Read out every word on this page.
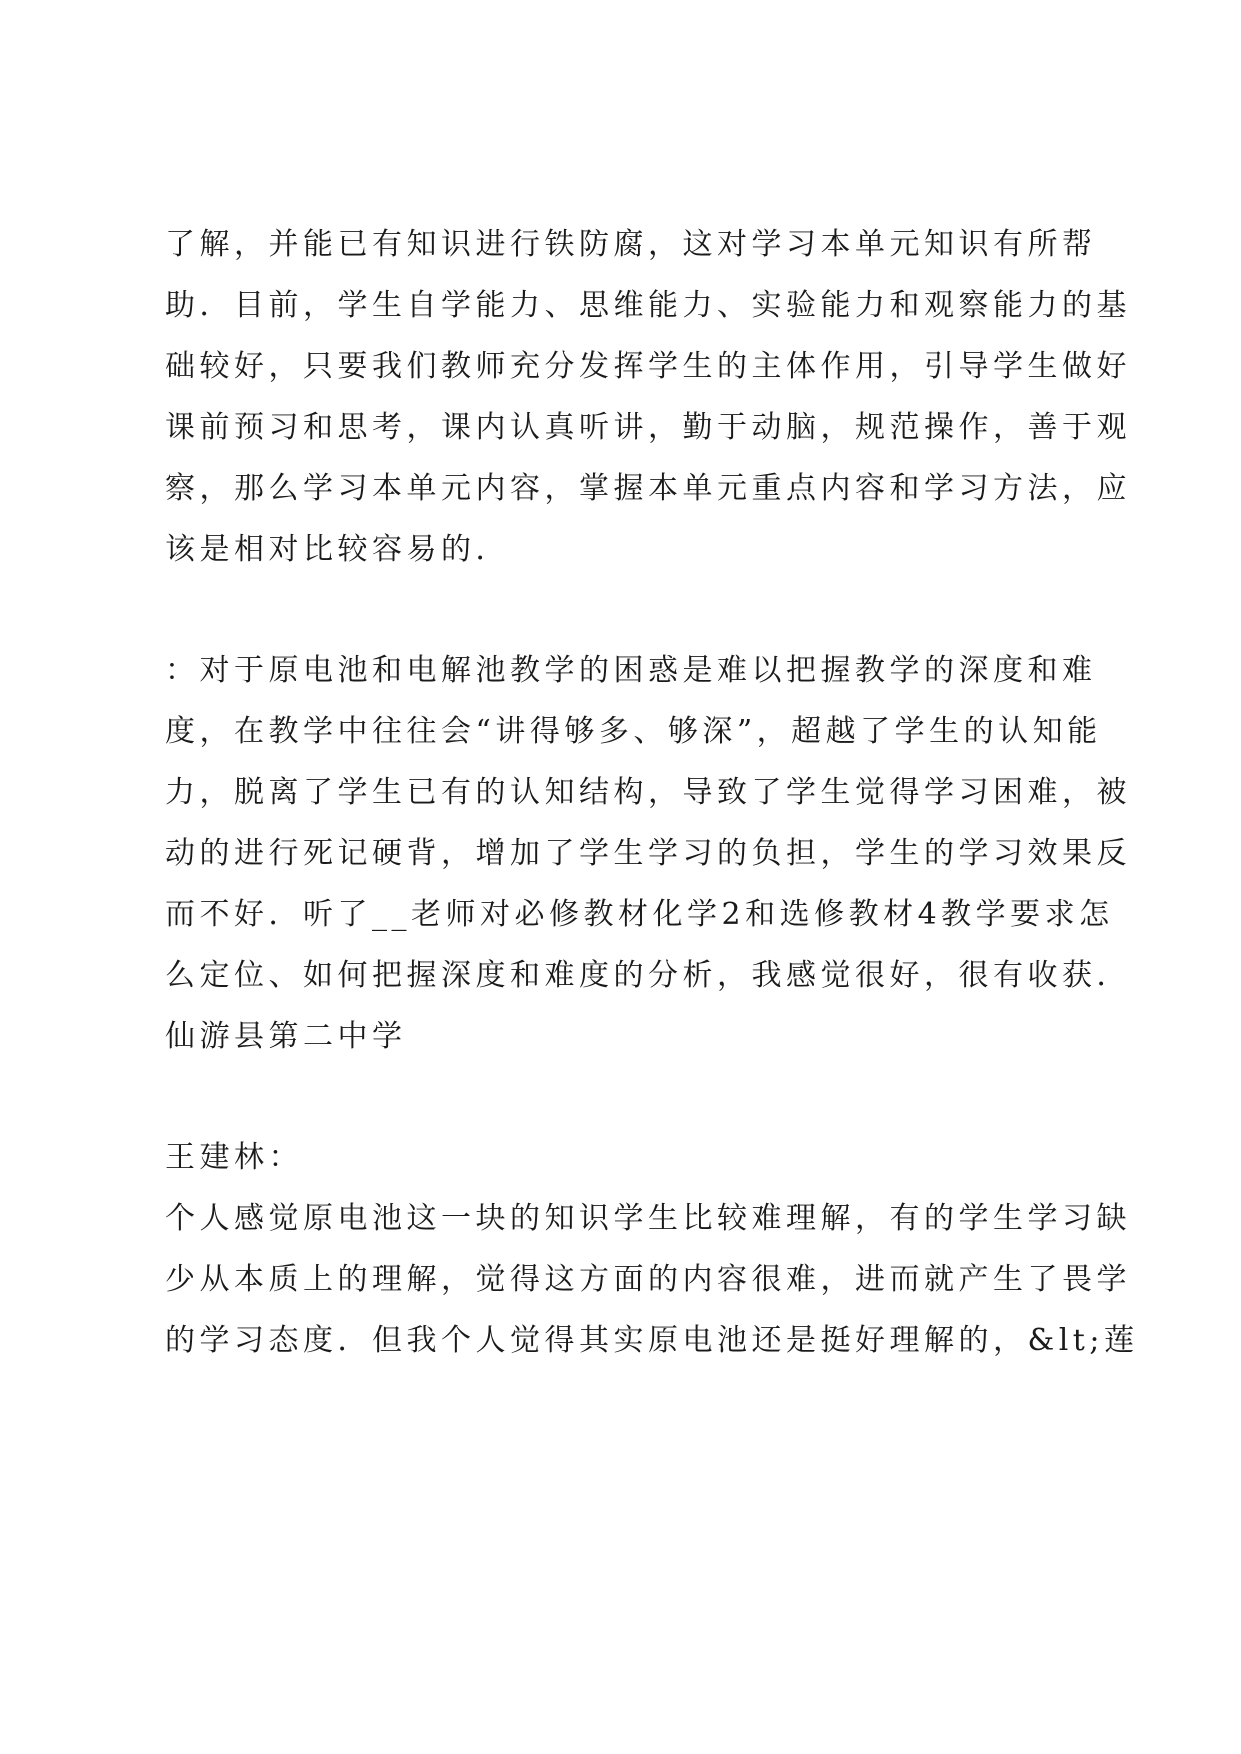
了解，并能已有知识进行铁防腐，这对学习本单元知识有所帮
助．目前，学生自学能力、思维能力、实验能力和观察能力的基
础较好，只要我们教师充分发挥学生的主体作用，引导学生做好
课前预习和思考，课内认真听讲，勤于动脑，规范操作，善于观
察，那么学习本单元内容，掌握本单元重点内容和学习方法，应
该是相对比较容易的．
：对于原电池和电解池教学的困惑是难以把握教学的深度和难
度，在教学中往往会“讲得够多、够深”，超越了学生的认知能
力，脱离了学生已有的认知结构，导致了学生觉得学习困难，被
动的进行死记硬背，增加了学生学习的负担，学生的学习效果反
而不好．听了__老师对必修教材化学2和选修教材4教学要求怎
么定位、如何把握深度和难度的分析，我感觉很好，很有收获．
仙游县第二中学
王建林：
个人感觉原电池这一块的知识学生比较难理解，有的学生学习缺
少从本质上的理解，觉得这方面的内容很难，进而就产生了畏学
的学习态度．但我个人觉得其实原电池还是挺好理解的，&lt;莲
